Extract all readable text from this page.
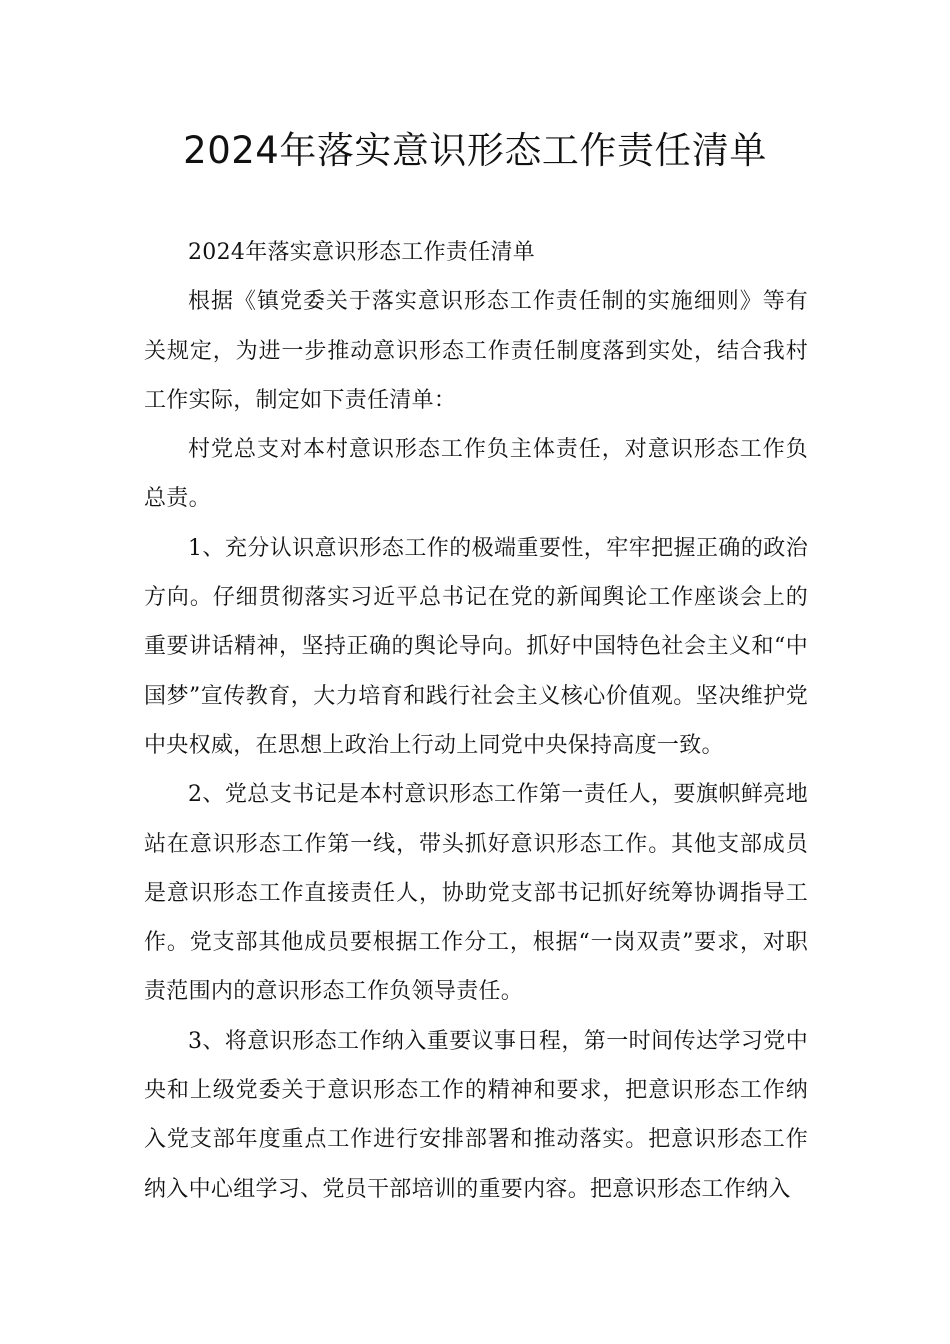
2024年落实意识形态工作责任清单

2024年落实意识形态工作责任清单

根据《镇党委关于落实意识形态工作责任制的实施细则》等有关规定，为进一步推动意识形态工作责任制度落到实处，结合我村工作实际，制定如下责任清单：

村党总支对本村意识形态工作负主体责任，对意识形态工作负总责。

1、充分认识意识形态工作的极端重要性，牢牢把握正确的政治方向。仔细贯彻落实习近平总书记在党的新闻舆论工作座谈会上的重要讲话精神，坚持正确的舆论导向。抓好中国特色社会主义和“中国梦”宣传教育，大力培育和践行社会主义核心价值观。坚决维护党中央权威，在思想上政治上行动上同党中央保持高度一致。

2、党总支书记是本村意识形态工作第一责任人，要旗帜鲜亮地站在意识形态工作第一线，带头抓好意识形态工作。其他支部成员是意识形态工作直接责任人，协助党支部书记抓好统筹协调指导工作。党支部其他成员要根据工作分工，根据“一岗双责”要求，对职责范围内的意识形态工作负领导责任。

3、将意识形态工作纳入重要议事日程，第一时间传达学习党中央和上级党委关于意识形态工作的精神和要求，把意识形态工作纳入党支部年度重点工作进行安排部署和推动落实。把意识形态工作纳入中心组学习、党员干部培训的重要内容。把意识形态工作纳入
